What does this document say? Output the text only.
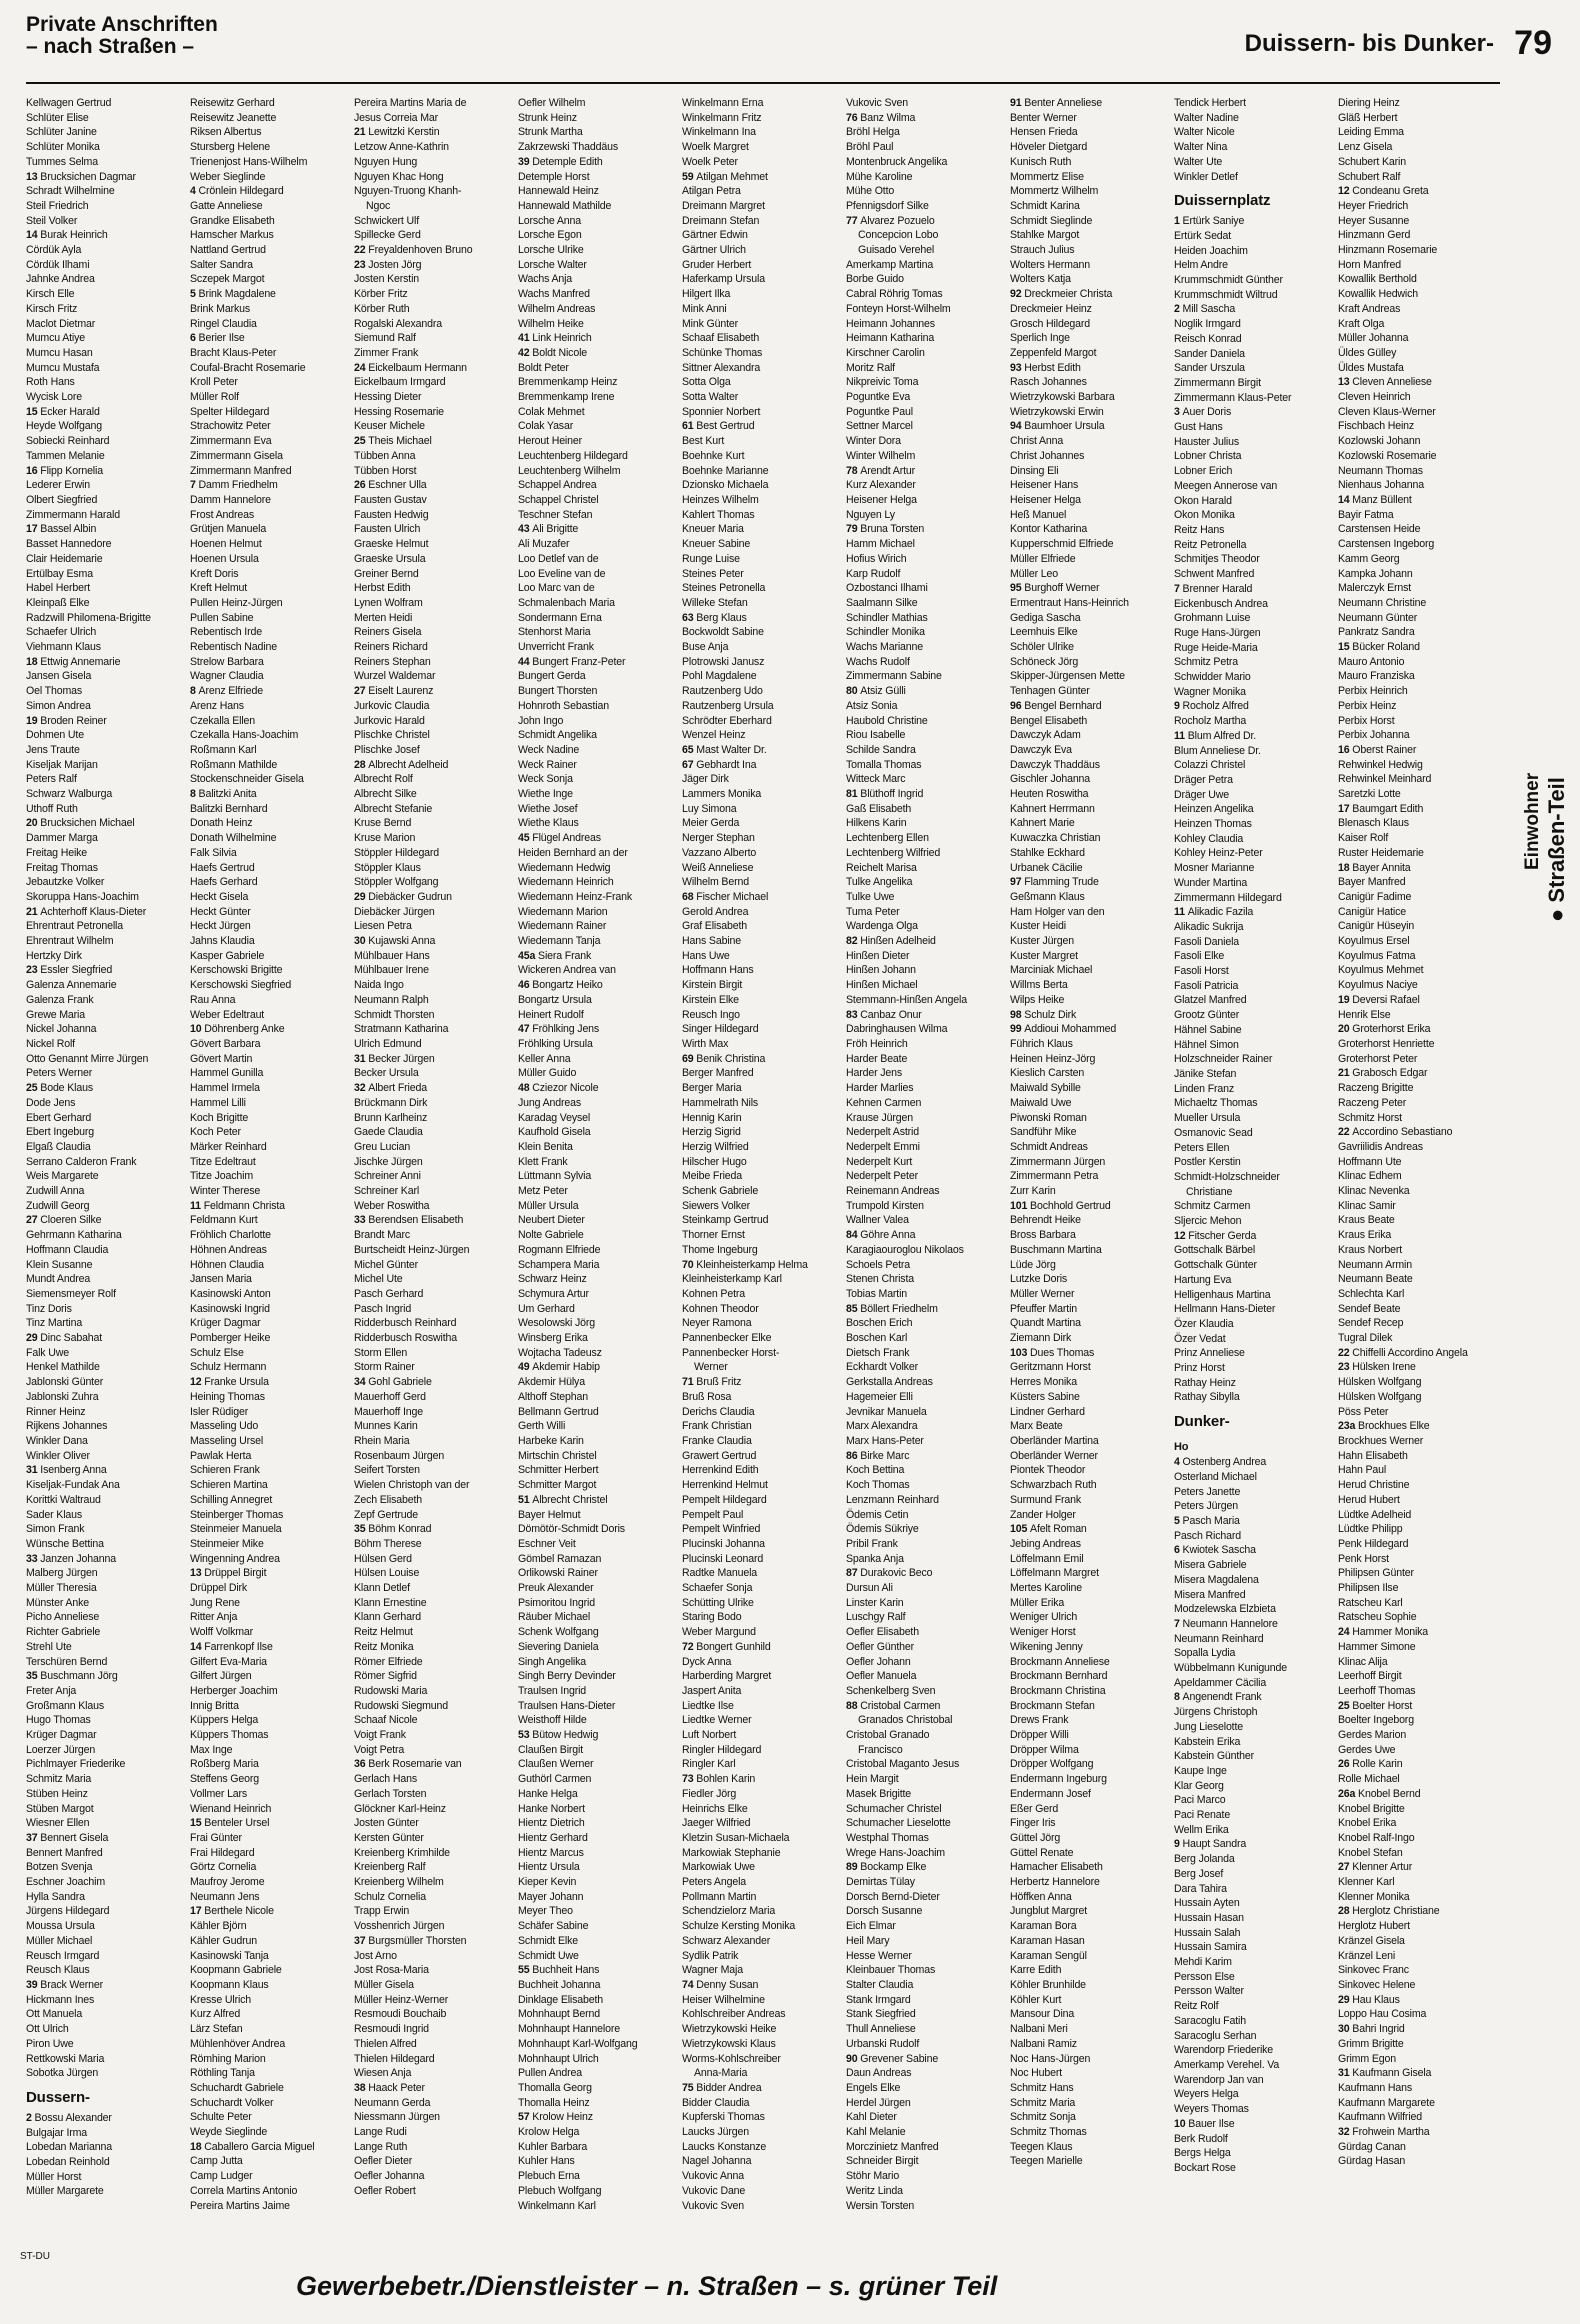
Private Anschriften
– nach Straßen –	Duissern- bis Dunker- 79
Kellwagen Gertrud
Schlüter Elise
Schlüter Janine
Schlüter Monika
Tummes Selma
13 Brucksichen Dagmar
Schradt Wilhelmine
Steil Friedrich
Steil Volker
14 Burak Heinrich
Cördük Ayla
Cördük Ilhami
Jahnke Andrea
Kirsch Elle
Kirsch Fritz
Maclot Dietmar
Mumcu Atiye
Mumcu Hasan
Mumcu Mustafa
Roth Hans
Wycisk Lore
15 Ecker Harald
Heyde Wolfgang
Sobiecki Reinhard
Tammen Melanie
16 Flipp Kornelia
Lederer Erwin
Olbert Siegfried
Zimmermann Harald
17 Bassel Albin
Basset Hannedore
Clair Heidemarie
Ertülbay Esma
Habel Herbert
Kleinpaß Elke
Radzwill Philomena-Brigitte
Schaefer Ulrich
Viehmann Klaus
18 Ettwig Annemarie
Jansen Gisela
Oel Thomas
Simon Andrea
19 Broden Reiner
Dohmen Ute
Jens Traute
Kiseljak Marijan
Peters Ralf
Schwarz Walburga
Uthoff Ruth
20 Brucksichen Michael
Dammer Marga
Freitag Heike
Freitag Thomas
Jebautzke Volker
Skoruppa Hans-Joachim
21 Achterhoff Klaus-Dieter
Ehrentraut Petronella
Ehrentraut Wilhelm
Hertzky Dirk
23 Essler Siegfried
Galenza Annemarie
Galenza Frank
Grewe Maria
Nickel Johanna
Nickel Rolf
Otto Genannt Mirre Jürgen
Peters Werner
25 Bode Klaus
Dode Jens
Ebert Gerhard
Ebert Ingeburg
Elgaß Claudia
Serrano Calderon Frank
Weis Margarete
Zudwill Anna
Zudwill Georg
27 Cloeren Silke
Gehrmann Katharina
Hoffmann Claudia
Klein Susanne
Mundt Andrea
Siemensmeyer Rolf
Tinz Doris
Tinz Martina
29 Dinc Sabahat
Falk Uwe
Henkel Mathilde
Jablonski Günter
Jablonski Zuhra
Rinner Heinz
Rijkens Johannes
Winkler Dana
Winkler Oliver
31 Isenberg Anna
Kiseljak-Fundak Ana
Korittki Waltraud
Sader Klaus
Simon Frank
Wünsche Bettina
33 Janzen Johanna
Malberg Jürgen
Müller Theresia
Münster Anke
Picho Anneliese
Richter Gabriele
Strehl Ute
Terschüren Bernd
35 Buschmann Jörg
Freter Anja
Großmann Klaus
Hugo Thomas
Krüger Dagmar
Loerzer Jürgen
Pichlmayer Friederike
Schmitz Maria
Stüben Heinz
Stüben Margot
Wiesner Ellen
37 Bennert Gisela
Bennert Manfred
Botzen Svenja
Eschner Joachim
Hylla Sandra
Jürgens Hildegard
Moussa Ursula
Müller Michael
Reusch Irmgard
Reusch Klaus
39 Brack Werner
Hickmann Ines
Ott Manuela
Ott Ulrich
Piron Uwe
Rettkowski Maria
Sobotka Jürgen
Dussern-
2 Bossu Alexander
Bulgajar Irma
Lobedan Marianna
Lobedan Reinhold
Müller Horst
Müller Margarete
Reisewitz Gerhard
Reisewitz Jeanette
Riksen Albertus
Stursberg Helene
Trienenjost Hans-Wilhelm
Weber Sieglinde
4 Crönlein Hildegard
Gatte Anneliese
Grandke Elisabeth
Hamscher Markus
Nattland Gertrud
Salter Sandra
Sczepek Margot
5 Brink Magdalene
Brink Markus
Ringel Claudia
6 Berier Ilse
Bracht Klaus-Peter
Coufal-Bracht Rosemarie
Kroll Peter
Müller Rolf
Spelter Hildegard
Strachowitz Peter
Zimmermann Eva
Zimmermann Gisela
Zimmermann Manfred
7 Damm Friedhelm
Damm Hannelore
Frost Andreas
Grütjen Manuela
Hoenen Helmut
Hoenen Ursula
Kreft Doris
Kreft Helmut
Pullen Heinz-Jürgen
Pullen Sabine
Rebentisch Irde
Rebentisch Nadine
Strelow Barbara
Wagner Claudia
8 Arenz Elfriede
Arenz Hans
Czekalla Ellen
Czekalla Hans-Joachim
Roßmann Karl
Roßmann Mathilde
Stockenschneider Gisela
8 Balitzki Anita
Balitzki Bernhard
Donath Heinz
Donath Wilhelmine
Falk Silvia
Haefs Gertrud
Haefs Gerhard
Heckt Gisela
Heckt Günter
Heckt Jürgen
Jahns Klaudia
Kasper Gabriele
Kerschowski Brigitte
Kerschowski Siegfried
Rau Anna
Weber Edeltraut
10 Döhrenberg Anke
Gövert Barbara
Gövert Martin
Hammel Gunilla
Hammel Irmela
Hammel Lilli
Koch Brigitte
Koch Peter
Märker Reinhard
Titze Edeltraut
Titze Joachim
Winter Therese
11 Feldmann Christa
Feldmann Kurt
Fröhlich Charlotte
Höhnen Andreas
Höhnen Claudia
Jansen Maria
Kasinowski Anton
Kasinowski Ingrid
Krüger Dagmar
Pomberger Heike
Schulz Else
Schulz Hermann
12 Franke Ursula
Heining Thomas
Isler Rüdiger
Masseling Udo
Masseling Ursel
Pawlak Herta
Schieren Frank
Schieren Martina
Schilling Annegret
Steinberger Thomas
Steinmeier Manuela
Steinmeier Mike
Wingenning Andrea
13 Drüppel Birgit
Drüppel Dirk
Jung Rene
Ritter Anja
Wolff Volkmar
14 Farrenkopf Ilse
Gilfert Eva-Maria
Gilfert Jürgen
Herberger Joachim
Innig Britta
Küppers Helga
Küppers Thomas
Max Inge
Roßberg Maria
Steffens Georg
Vollmer Lars
Wienand Heinrich
15 Benteler Ursel
Frai Günter
Frai Hildegard
Görtz Cornelia
Maufroy Jerome
Neumann Jens
17 Berthele Nicole
Kähler Björn
Kähler Gudrun
Kasinowski Tanja
Koopmann Gabriele
Koopmann Klaus
Kresse Ulrich
Kurz Alfred
Lärz Stefan
Mühlenhöver Andrea
Römhing Marion
Röthling Tanja
Schuchardt Gabriele
Schuchardt Volker
Schulte Peter
Weyde Sieglinde
18 Caballero Garcia Miguel
Camp Jutta
Camp Ludger
Correla Martins Antonio
Pereira Martins Jaime
Pereira Martins Maria de
Jesus Correia Mar
21 Lewitzki Kerstin
Letzow Anne-Kathrin
Nguyen Hung
Nguyen Khac Hong
Nguyen-Truong Khanh-
Ngoc
Schwickert Ulf
Spillecke Gerd
22 Freyaldenhoven Bruno
23 Josten Jörg
Josten Kerstin
Körber Fritz
Körber Ruth
Rogalski Alexandra
Siemund Ralf
Zimmer Frank
24 Eickelbaum Hermann
Eickelbaum Irmgard
Hessing Dieter
Hessing Rosemarie
Keuser Michele
25 Theis Michael
Tübben Anna
Tübben Horst
26 Eschner Ulla
Fausten Gustav
Fausten Hedwig
Fausten Ulrich
Graeske Helmut
Graeske Ursula
Greiner Bernd
Herbst Edith
Lynen Wolfram
Merten Heidi
Reiners Gisela
Reiners Richard
Reiners Stephan
Wurzel Waldemar
27 Eiselt Laurenz
Jurkovic Claudia
Jurkovic Harald
Plischke Christel
Plischke Josef
28 Albrecht Adelheid
Albrecht Rolf
Albrecht Silke
Albrecht Stefanie
Kruse Bernd
Kruse Marion
Stöppler Hildegard
Stöppler Klaus
Stöppler Wolfgang
29 Diebäcker Gudrun
Diebäcker Jürgen
Liesen Petra
30 Kujawski Anna
Mühlbauer Hans
Mühlbauer Irene
Naida Ingo
Neumann Ralph
Schmidt Thorsten
Stratmann Katharina
Ulrich Edmund
31 Becker Jürgen
Becker Ursula
32 Albert Frieda
Brückmann Dirk
Brunn Karlheinz
Gaede Claudia
Greu Lucian
Jischke Jürgen
Schreiner Anni
Schreiner Karl
Weber Roswitha
33 Berendsen Elisabeth
Brandt Marc
Burtscheidt Heinz-Jürgen
Michel Günter
Michel Ute
Pasch Gerhard
Pasch Ingrid
Ridderbusch Reinhard
Ridderbusch Roswitha
Storm Ellen
Storm Rainer
34 Gohl Gabriele
Mauerhoff Gerd
Mauerhoff Inge
Munnes Karin
Rhein Maria
Rosenbaum Jürgen
Seifert Torsten
Wielen Christoph van der
Zech Elisabeth
Zepf Gertrude
35 Böhm Konrad
Böhm Therese
Hülsen Gerd
Hülsen Louise
Klann Detlef
Klann Ernestine
Klann Gerhard
Reitz Helmut
Reitz Monika
Römer Elfriede
Römer Sigfrid
Rudowski Maria
Rudowski Siegmund
Schaaf Nicole
Voigt Frank
Voigt Petra
36 Berk Rosemarie van
Gerlach Hans
Gerlach Torsten
Glöckner Karl-Heinz
Josten Günter
Kersten Günter
Kreienberg Krimhilde
Kreienberg Ralf
Kreienberg Wilhelm
Schulz Cornelia
Trapp Erwin
Vosshenrich Jürgen
37 Burgsmüller Thorsten
Jost Arno
Jost Rosa-Maria
Müller Gisela
Müller Heinz-Werner
Resmoudi Bouchaib
Resmoudi Ingrid
Thielen Alfred
Thielen Hildegard
Wiesen Anja
38 Haack Peter
Neumann Gerda
Niessmann Jürgen
Lange Rudi
Lange Ruth
Oefler Dieter
Oefler Johanna
Oefler Robert
Oefler Wilhelm
Strunk Heinz
Strunk Martha
Zakrzewski Thaddäus
39 Detemple Edith
Detemple Horst
Hannewald Heinz
Hannewald Mathilde
Lorsche Anna
Lorsche Egon
Lorsche Ulrike
Lorsche Walter
Wachs Anja
Wachs Manfred
Wilhelm Andreas
Wilhelm Heike
41 Link Heinrich
42 Boldt Nicole
Boldt Peter
Bremmenkamp Heinz
Bremmenkamp Irene
Colak Mehmet
Colak Yasar
Herout Heiner
Leuchtenberg Hildegard
Leuchtenberg Wilhelm
Schappel Andrea
Schappel Christel
Teschner Stefan
43 Ali Brigitte
Ali Muzafer
Loo Detlef van de
Loo Eveline van de
Loo Marc van de
Schmalenbach Maria
Sondermann Erna
Stenhorst Maria
Unverricht Frank
44 Bungert Franz-Peter
Bungert Gerda
Bungert Thorsten
Hohnroth Sebastian
John Ingo
Schmidt Angelika
Weck Nadine
Weck Rainer
Weck Sonja
Wiethe Inge
Wiethe Josef
Wiethe Klaus
45 Flügel Andreas
Heiden Bernhard an der
Wiedemann Hedwig
Wiedemann Heinrich
Wiedemann Heinz-Frank
Wiedemann Marion
Wiedemann Rainer
Wiedemann Tanja
45a Siera Frank
Wickeren Andrea van
46 Bongartz Heiko
Bongartz Ursula
Heinert Rudolf
47 Fröhlking Jens
Fröhlking Ursula
Keller Anna
Müller Guido
48 Cziezor Nicole
Jung Andreas
Karadag Veysel
Kaufhold Gisela
Klein Benita
Klett Frank
Lüttmann Sylvia
Metz Peter
Müller Ursula
Neubert Dieter
Nolte Gabriele
Rogmann Elfriede
Schampera Maria
Schwarz Heinz
Schymura Artur
Um Gerhard
Wesolowski Jörg
Winsberg Erika
Wojtacha Tadeusz
49 Akdemir Habip
Akdemir Hülya
Althoff Stephan
Bellmann Gertrud
Gerth Willi
Harbeke Karin
Mirtschin Christel
Schmitter Herbert
Schmitter Margot
51 Albrecht Christel
Bayer Helmut
Dömötör-Schmidt Doris
Eschner Veit
Gömbel Ramazan
Orlikowski Rainer
Preuk Alexander
Psimoritou Ingrid
Räuber Michael
Schenk Wolfgang
Sievering Daniela
Singh Angelika
Singh Berry Devinder
Traulsen Ingrid
Traulsen Hans-Dieter
Weisthoff Hilde
53 Bütow Hedwig
Claußen Birgit
Claußen Werner
Guthörl Carmen
Hanke Helga
Hanke Norbert
Hientz Dietrich
Hientz Gerhard
Hientz Marcus
Hientz Ursula
Kieper Kevin
Mayer Johann
Meyer Theo
Schäfer Sabine
Schmidt Elke
Schmidt Uwe
55 Buchheit Hans
Buchheit Johanna
Dinklage Elisabeth
Mohnhaupt Bernd
Mohnhaupt Hannelore
Mohnhaupt Karl-Wolfgang
Mohnhaupt Ulrich
Pullen Andrea
Thomalla Georg
Thomalla Heinz
57 Krolow Heinz
Krolow Helga
Kuhler Barbara
Kuhler Hans
Plebuch Erna
Plebuch Wolfgang
Winkelmann Karl
Winkelmann Erna
Winkelmann Fritz
Winkelmann Ina
Woelk Margret
Woelk Peter
59 Atilgan Mehmet
Atilgan Petra
Dreimann Margret
Dreimann Stefan
Gärtner Edwin
Gärtner Ulrich
Gruder Herbert
Haferkamp Ursula
Hilgert Ilka
Mink Anni
Mink Günter
Schaaf Elisabeth
Schünke Thomas
Sittner Alexandra
Sotta Olga
Sotta Walter
Sponnier Norbert
61 Best Gertrud
Best Kurt
Boehnke Kurt
Boehnke Marianne
Dzionsko Michaela
Heinzes Wilhelm
Kahlert Thomas
Kneuer Maria
Kneuer Sabine
Runge Luise
Steines Peter
Steines Petronella
Willeke Stefan
63 Berg Klaus
Bockwoldt Sabine
Buse Anja
Plotrowski Janusz
Pohl Magdalene
Rautzenberg Udo
Rautzenberg Ursula
Schrödter Eberhard
Wenzel Heinz
65 Mast Walter Dr.
67 Gebhardt Ina
Jäger Dirk
Lammers Monika
Luy Simona
Meier Gerda
Nerger Stephan
Vazzano Alberto
Weiß Anneliese
Wilhelm Bernd
68 Fischer Michael
Gerold Andrea
Graf Elisabeth
Hans Sabine
Hans Uwe
Hoffmann Hans
Kirstein Birgit
Kirstein Elke
Reusch Ingo
Singer Hildegard
Wirth Max
69 Benik Christina
Berger Manfred
Berger Maria
Hammelrath Nils
Hennig Karin
Herzig Sigrid
Herzig Wilfried
Hilscher Hugo
Meibe Frieda
Schenk Gabriele
Siewers Volker
Steinkamp Gertrud
Thorner Ernst
Thome Ingeburg
70 Kleinheisterkamp Helma
Kleinheisterkamp Karl
Kohnen Petra
Kohnen Theodor
Neyer Ramona
Pannenbecker Elke
Pannenbecker Horst-
Werner
71 Bruß Fritz
Bruß Rosa
Derichs Claudia
Frank Christian
Franke Claudia
Grawert Gertrud
Herrenkind Edith
Herrenkind Helmut
Pempelt Hildegard
Pempelt Paul
Pempelt Winfried
Plucinski Johanna
Plucinski Leonard
Radtke Manuela
Schaefer Sonja
Schütting Ulrike
Staring Bodo
Weber Margund
72 Bongert Gunhild
Dyck Anna
Harberding Margret
Jaspert Anita
Liedtke Ilse
Liedtke Werner
Luft Norbert
Ringler Hildegard
Ringler Karl
73 Bohlen Karin
Fiedler Jörg
Heinrichs Elke
Jaeger Wilfried
Kletzin Susan-Michaela
Markowiak Stephanie
Markowiak Uwe
Peters Angela
Pollmann Martin
Schendzielorz Maria
Schulze Kersting Monika
Schwarz Alexander
Sydlik Patrik
Wagner Maja
74 Denny Susan
Heiser Wilhelmine
Kohlschreiber Andreas
Wietrzykowski Heike
Wietrzykowski Klaus
Worms-Kohlschreiber
Anna-Maria
75 Bidder Andrea
Bidder Claudia
Kupferski Thomas
Laucks Jürgen
Laucks Konstanze
Nagel Johanna
Vukovic Anna
Vukovic Dane
Vukovic Sven
Vukovic Sven
76 Banz Wilma
Bröhl Helga
Bröhl Paul
Montenbruck Angelika
Mühe Karoline
Mühe Otto
Pfennigsdorf Silke
77 Alvarez Pozuelo
Concepcion Lobo
Guisado Verehel
Amerkamp Martina
Borbe Guido
Cabral Röhrig Tomas
Fonteyn Horst-Wilhelm
Heimann Johannes
Heimann Katharina
Kirschner Carolin
Moritz Ralf
Nikpreivic Toma
Poguntke Eva
Poguntke Paul
Settner Marcel
Winter Dora
Winter Wilhelm
78 Arendt Artur
Kurz Alexander
Heisener Helga
Nguyen Ly
79 Bruna Torsten
Hamm Michael
Hofius Wirich
Karp Rudolf
Ozbostanci Ilhami
Saalmann Silke
Schindler Mathias
Schindler Monika
Wachs Marianne
Wachs Rudolf
Zimmermann Sabine
80 Atsiz Gülli
Atsiz Sonia
Haubold Christine
Riou Isabelle
Schilde Sandra
Tomalla Thomas
Witteck Marc
81 Blüthoff Ingrid
Gaß Elisabeth
Hilkens Karin
Lechtenberg Ellen
Lechtenberg Wilfried
Reichelt Marisa
Tulke Angelika
Tulke Uwe
Tuma Peter
Wardenga Olga
82 Hinßen Adelheid
Hinßen Dieter
Hinßen Johann
Hinßen Michael
Stemmann-Hinßen Angela
83 Canbaz Onur
Dabringhausen Wilma
Fröh Heinrich
Harder Beate
Harder Jens
Harder Marlies
Kehnen Carmen
Krause Jürgen
Nederpelt Astrid
Nederpelt Emmi
Nederpelt Kurt
Nederpelt Peter
Reinemann Andreas
Trumpold Kirsten
Wallner Valea
84 Göhre Anna
Karagiaouroglou Nikolaos
Schoels Petra
Stenen Christa
Tobias Martin
85 Böllert Friedhelm
Boschen Erich
Boschen Karl
Dietsch Frank
Eckhardt Volker
Gerkstalla Andreas
Hagemeier Elli
Jevnikar Manuela
Marx Alexandra
Marx Hans-Peter
86 Birke Marc
Koch Bettina
Koch Thomas
Lenzmann Reinhard
Ödemis Cetin
Ödemis Sükriye
Pribil Frank
Spanka Anja
87 Durakovic Beco
Dursun Ali
Linster Karin
Luschgy Ralf
Oefler Elisabeth
Oefler Günther
Oefler Johann
Oefler Manuela
Schenkelberg Sven
88 Cristobal Carmen
Granados Christobal
Cristobal Granado
Francisco
Cristobal Maganto Jesus
Hein Margit
Masek Brigitte
Schumacher Christel
Schumacher Lieselotte
Westphal Thomas
Wrege Hans-Joachim
89 Bockamp Elke
Demirtas Tülay
Dorsch Bernd-Dieter
Dorsch Susanne
Eich Elmar
Heil Mary
Hesse Werner
Kleinbauer Thomas
Stalter Claudia
Stank Irmgard
Stank Siegfried
Thull Anneliese
Urbanski Rudolf
90 Grevener Sabine
Daun Andreas
Engels Elke
Herdel Jürgen
Kahl Dieter
Kahl Melanie
Morczinietz Manfred
Schneider Birgit
Stöhr Mario
Weritz Linda
Wersin Torsten
91 Benter Anneliese
Benter Werner
Hensen Frieda
Höveler Dietgard
Kunisch Ruth
Mommertz Elise
Mommertz Wilhelm
Schmidt Karina
Schmidt Sieglinde
Stahlke Margot
Strauch Julius
Wolters Hermann
Wolters Katja
92 Dreckmeier Christa
Dreckmeier Heinz
Grosch Hildegard
Sperlich Inge
Zeppenfeld Margot
93 Herbst Edith
Rasch Johannes
Wietrzykowski Barbara
Wietrzykowski Erwin
94 Baumhoer Ursula
Christ Anna
Christ Johannes
Dinsing Eli
Heisener Hans
Heisener Helga
Heß Manuel
Kontor Katharina
Kupperschmid Elfriede
Müller Elfriede
Müller Leo
95 Burghoff Werner
Ermentraut Hans-Heinrich
Gediga Sascha
Leemhuis Elke
Schöler Ulrike
Schöneck Jörg
Skipper-Jürgensen Mette
Tenhagen Günter
96 Bengel Bernhard
Bengel Elisabeth
Dawczyk Adam
Dawczyk Eva
Dawczyk Thaddäus
Gischler Johanna
Heuten Roswitha
Kahnert Herrmann
Kahnert Marie
Kuwaczka Christian
Stahlke Eckhard
Urbanek Cäcilie
97 Flamming Trude
Geßmann Klaus
Ham Holger van den
Kuster Heidi
Kuster Jürgen
Kuster Margret
Marciniak Michael
Willms Berta
Wilps Heike
98 Schulz Dirk
99 Addioui Mohammed
Führich Klaus
Heinen Heinz-Jörg
Kieslich Carsten
Maiwald Sybille
Maiwald Uwe
Piwonski Roman
Sandführ Mike
Schmidt Andreas
Zimmermann Jürgen
Zimmermann Petra
Zurr Karin
101 Bochhold Gertrud
Behrendt Heike
Bross Barbara
Buschmann Martina
Lüde Jörg
Lutzke Doris
Müller Werner
Pfeuffer Martin
Quandt Martina
Ziemann Dirk
103 Dues Thomas
Geritzmann Horst
Herres Monika
Küsters Sabine
Lindner Gerhard
Marx Beate
Oberländer Martina
Oberländer Werner
Piontek Theodor
Schwarzbach Ruth
Surmund Frank
Zander Holger
105 Afelt Roman
Jebing Andreas
Löffelmann Emil
Löffelmann Margret
Mertes Karoline
Müller Erika
Weniger Ulrich
Weniger Horst
Wikening Jenny
Brockmann Anneliese
Brockmann Bernhard
Brockmann Christina
Brockmann Stefan
Drews Frank
Dröpper Willi
Dröpper Wilma
Dröpper Wolfgang
Endermann Ingeburg
Endermann Josef
Eßer Gerd
Finger Iris
Güttel Jörg
Güttel Renate
Hamacher Elisabeth
Herbertz Hannelore
Höffken Anna
Jungblut Margret
Karaman Bora
Karaman Hasan
Karaman Sengül
Karre Edith
Köhler Brunhilde
Köhler Kurt
Mansour Dina
Nalbani Meri
Nalbani Ramiz
Noc Hans-Jürgen
Noc Hubert
Schmitz Hans
Schmitz Maria
Schmitz Sonja
Schmitz Thomas
Teegen Klaus
Teegen Marielle
Tendick Herbert
Walter Nadine
Walter Nicole
Walter Nina
Walter Ute
Winkler Detlef
Duissernplatz
1 Ertürk Saniye
Ertürk Sedat
Heiden Joachim
Helm Andre
Krummschmidt Günther
Krummschmidt Wiltrud
2 Mill Sascha
Noglik Irmgard
Reisch Konrad
Sander Daniela
Sander Urszula
Zimmermann Birgit
Zimmermann Klaus-Peter
3 Auer Doris
Gust Hans
Hauster Julius
Lobner Christa
Lobner Erich
Meegen Annerose van
Okon Harald
Okon Monika
Reitz Hans
Reitz Petronella
Schmitjes Theodor
Schwent Manfred
7 Brenner Harald
Eickenbusch Andrea
Grohmann Luise
Ruge Hans-Jürgen
Ruge Heide-Maria
Schmitz Petra
Schwidder Mario
Wagner Monika
9 Rocholz Alfred
Rocholz Martha
11 Blum Alfred Dr.
Blum Anneliese Dr.
Colazzi Christel
Dräger Petra
Dräger Uwe
Heinzen Angelika
Heinzen Thomas
Kohley Claudia
Kohley Heinz-Peter
Mosner Marianne
Wunder Martina
Zimmermann Hildegard
11 Alikadic Fazila
Alikadic Sukrija
Fasoli Daniela
Fasoli Elke
Fasoli Horst
Fasoli Patricia
Glatzel Manfred
Grootz Günter
Hähnel Sabine
Hähnel Simon
Holzschneider Rainer
Jänike Stefan
Linden Franz
Michaeltz Thomas
Mueller Ursula
Osmanovic Sead
Peters Ellen
Postler Kerstin
Schmidt-Holzschneider
Christiane
Schmitz Carmen
Sljercic Mehon
12 Fitscher Gerda
Gottschalk Bärbel
Gottschalk Günter
Hartung Eva
Helligenhaus Martina
Hellmann Hans-Dieter
Özer Klaudia
Özer Vedat
Prinz Anneliese
Prinz Horst
Rathay Heinz
Rathay Sibylla
Dunker-
Ho
4 Ostenberg Andrea
Osterland Michael
Peters Janette
Peters Jürgen
5 Pasch Maria
Pasch Richard
6 Kwiotek Sascha
Misera Gabriele
Misera Magdalena
Misera Manfred
Modzelewska Elzbieta
7 Neumann Hannelore
Neumann Reinhard
Sopalla Lydia
Wübbelmann Kunigunde
Apeldammer Cäcilia
8 Angenendt Frank
Jürgens Christoph
Jung Lieselotte
Kabstein Erika
Kabstein Günther
Kaupe Inge
Klar Georg
Paci Marco
Paci Renate
Wellm Erika
9 Haupt Sandra
Berg Jolanda
Berg Josef
Dara Tahira
Hussain Ayten
Hussain Hasan
Hussain Salah
Hussain Samira
Mehdi Karim
Persson Else
Persson Walter
Reitz Rolf
Saracoglu Fatih
Saracoglu Serhan
Warendorp Friederike
Amerkamp Verehel. Va
Warendorp Jan van
Weyers Helga
Weyers Thomas
10 Bauer Ilse
Berk Rudolf
Bergs Helga
Bockart Rose
Diering Heinz
Gläß Herbert
Leiding Emma
Lenz Gisela
Schubert Karin
Schubert Ralf
12 Condeanu Greta
Heyer Friedrich
Heyer Susanne
Hinzmann Gerd
Hinzmann Rosemarie
Horn Manfred
Kowallik Berthold
Kowallik Hedwich
Kraft Andreas
Kraft Olga
Müller Johanna
Üldes Gülley
Üldes Mustafa
13 Cleven Anneliese
Cleven Heinrich
Cleven Klaus-Werner
Fischbach Heinz
Kozlowski Johann
Kozlowski Rosemarie
Neumann Thomas
Nienhaus Johanna
14 Manz Büllent
Bayir Fatma
Carstensen Heide
Carstensen Ingeborg
Kamm Georg
Kampka Johann
Malerczyk Ernst
Neumann Christine
Neumann Günter
Pankratz Sandra
15 Bücker Roland
Mauro Antonio
Mauro Franziska
Perbix Heinrich
Perbix Heinz
Perbix Horst
Perbix Johanna
16 Oberst Rainer
Rehwinkel Hedwig
Rehwinkel Meinhard
Saretzki Lotte
17 Baumgart Edith
Blenasch Klaus
Kaiser Rolf
Ruster Heidemarie
18 Bayer Annita
Bayer Manfred
Canigür Fadime
Canigür Hatice
Canigür Hüseyin
Koyulmus Ersel
Koyulmus Fatma
Koyulmus Mehmet
Koyulmus Naciye
19 Deversi Rafael
Henrik Else
20 Groterhorst Erika
Groterhorst Henriette
Groterhorst Peter
21 Grabosch Edgar
Raczeng Brigitte
Raczeng Peter
Schmitz Horst
22 Accordino Sebastiano
Gavriilidis Andreas
Hoffmann Ute
Klinac Edhem
Klinac Nevenka
Klinac Samir
Kraus Beate
Kraus Erika
Kraus Norbert
Neumann Armin
Neumann Beate
Schlechta Karl
Sendef Beate
Sendef Recep
Tugral Dilek
22 Chiffelli Accordino Angela
23 Hülsken Irene
Hülsken Wolfgang
Hülsken Wolfgang
Pöss Peter
23a Brockhues Elke
Brockhues Werner
Hahn Elisabeth
Hahn Paul
Herud Christine
Herud Hubert
Lüdtke Adelheid
Lüdtke Philipp
Penk Hildegard
Penk Horst
Philipsen Günter
Philipsen Ilse
Ratscheu Karl
Ratscheu Sophie
24 Hammer Monika
Hammer Simone
Klinac Alija
Leerhoff Birgit
Leerhoff Thomas
25 Boelter Horst
Boelter Ingeborg
Gerdes Marion
Gerdes Uwe
26 Rolle Karin
Rolle Michael
26a Knobel Bernd
Knobel Brigitte
Knobel Erika
Knobel Ralf-Ingo
Knobel Stefan
27 Klenner Artur
Klenner Karl
Klenner Monika
28 Herglotz Christiane
Herglotz Hubert
Kränzel Gisela
Kränzel Leni
Sinkovec Franc
Sinkovec Helene
29 Hau Klaus
Loppo Hau Cosima
30 Bahri Ingrid
Grimm Brigitte
Grimm Egon
31 Kaufmann Gisela
Kaufmann Hans
Kaufmann Margarete
Kaufmann Wilfried
32 Frohwein Martha
Gürdag Canan
Gürdag Hasan
Einwohner ● Straßen-Teil
ST-DU
Gewerbebetr./Dienstleister – n. Straßen – s. grüner Teil
